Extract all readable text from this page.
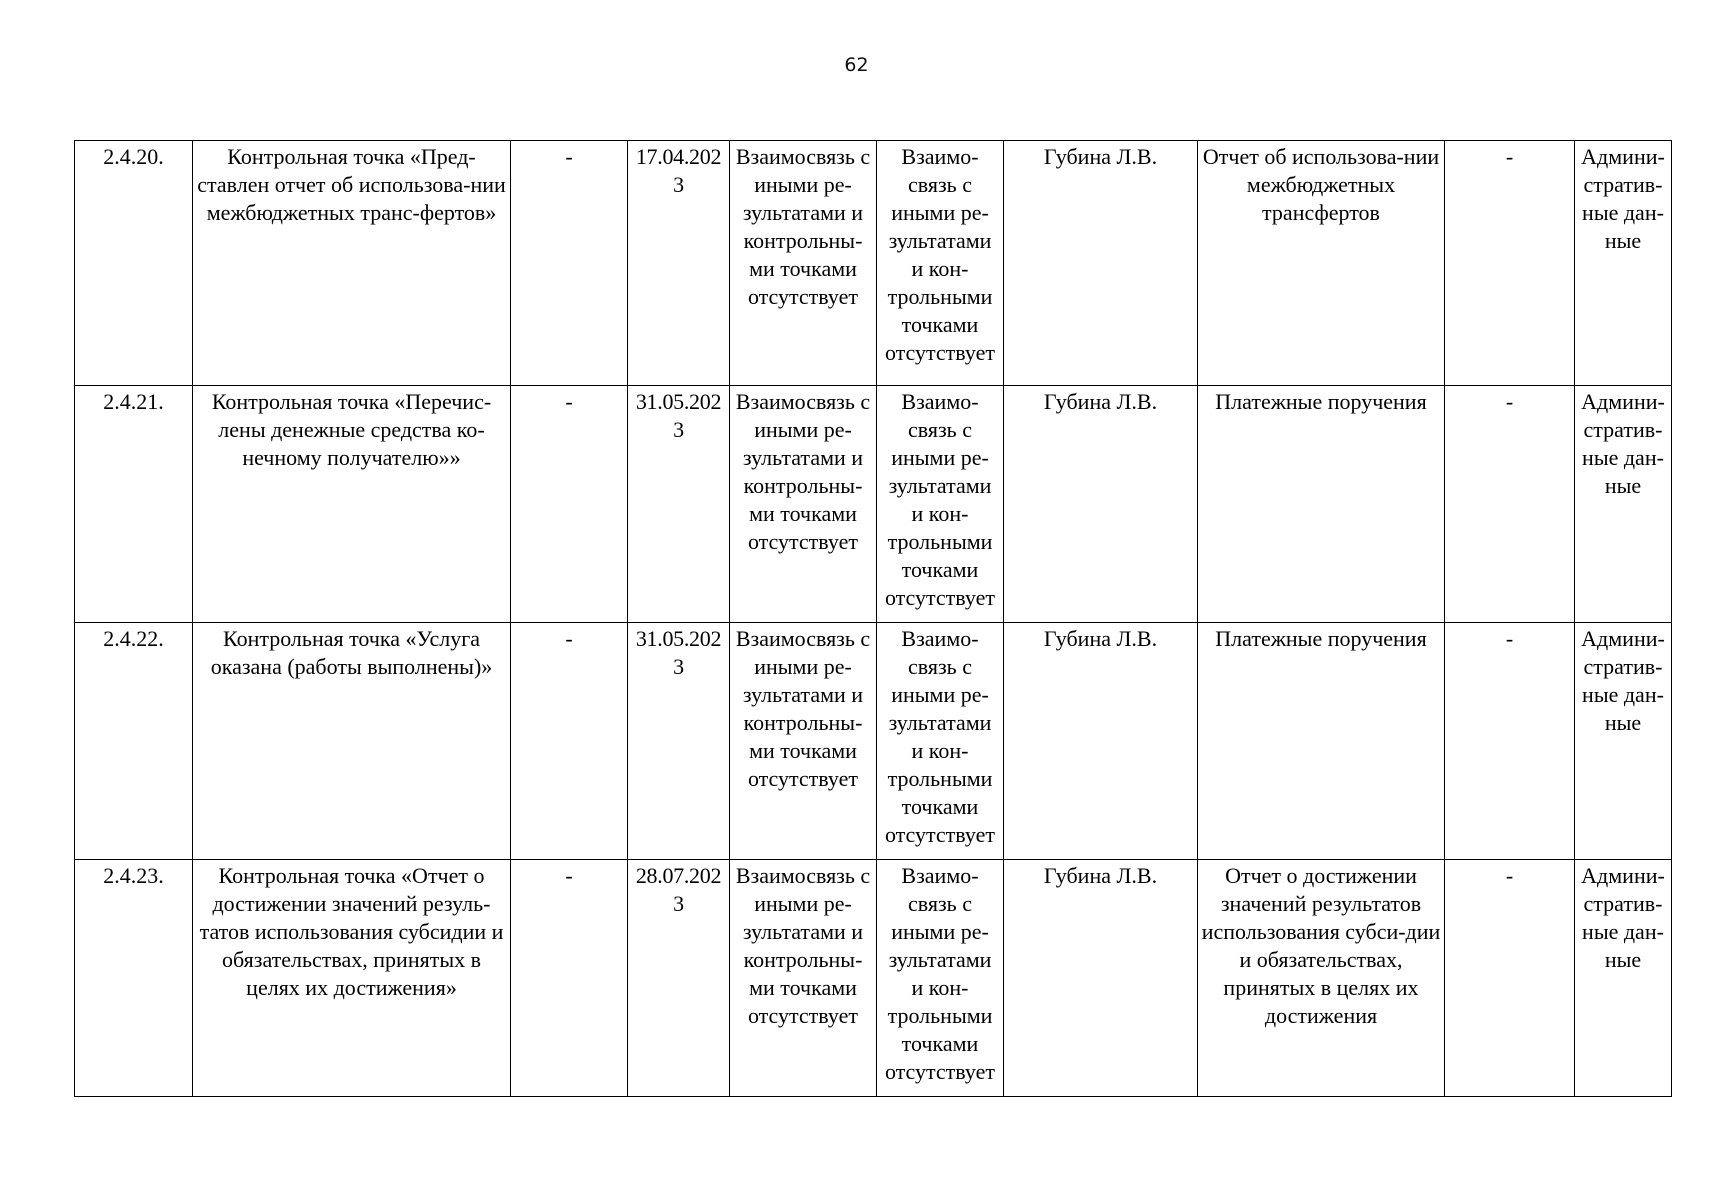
62
2.4.20.	Контрольная точка «Пред-ставлен отчет об использова-нии межбюджетных транс-фертов»	-	17.04.2023	Взаимосвязь с иными ре-зультатами и контрольны-ми точками отсутствует	Взаимо-связь с иными ре-зультатами и кон-трольными точками отсутствует	Губина Л.В.	Отчет об использова-нии межбюджетных трансфертов	-	Админи-стратив-ные дан-ные
2.4.21.	Контрольная точка «Перечис-лены денежные средства ко-нечному получателю»»	-	31.05.2023	Взаимосвязь с иными ре-зультатами и контрольны-ми точками отсутствует	Взаимо-связь с иными ре-зультатами и кон-трольными точками отсутствует	Губина Л.В.	Платежные поручения	-	Админи-стратив-ные дан-ные
2.4.22.	Контрольная точка «Услуга оказана (работы выполнены)»	-	31.05.2023	Взаимосвязь с иными ре-зультатами и контрольны-ми точками отсутствует	Взаимо-связь с иными ре-зультатами и кон-трольными точками отсутствует	Губина Л.В.	Платежные поручения	-	Админи-стратив-ные дан-ные
2.4.23.	Контрольная точка «Отчет о достижении значений резуль-татов использования субсидии и обязательствах, принятых в целях их достижения»	-	28.07.2023	Взаимосвязь с иными ре-зультатами и контрольны-ми точками отсутствует	Взаимо-связь с иными ре-зультатами и кон-трольными точками отсутствует	Губина Л.В.	Отчет о достижении значений результатов использования субси-дии и обязательствах, принятых в целях их достижения	-	Админи-стратив-ные дан-ные
